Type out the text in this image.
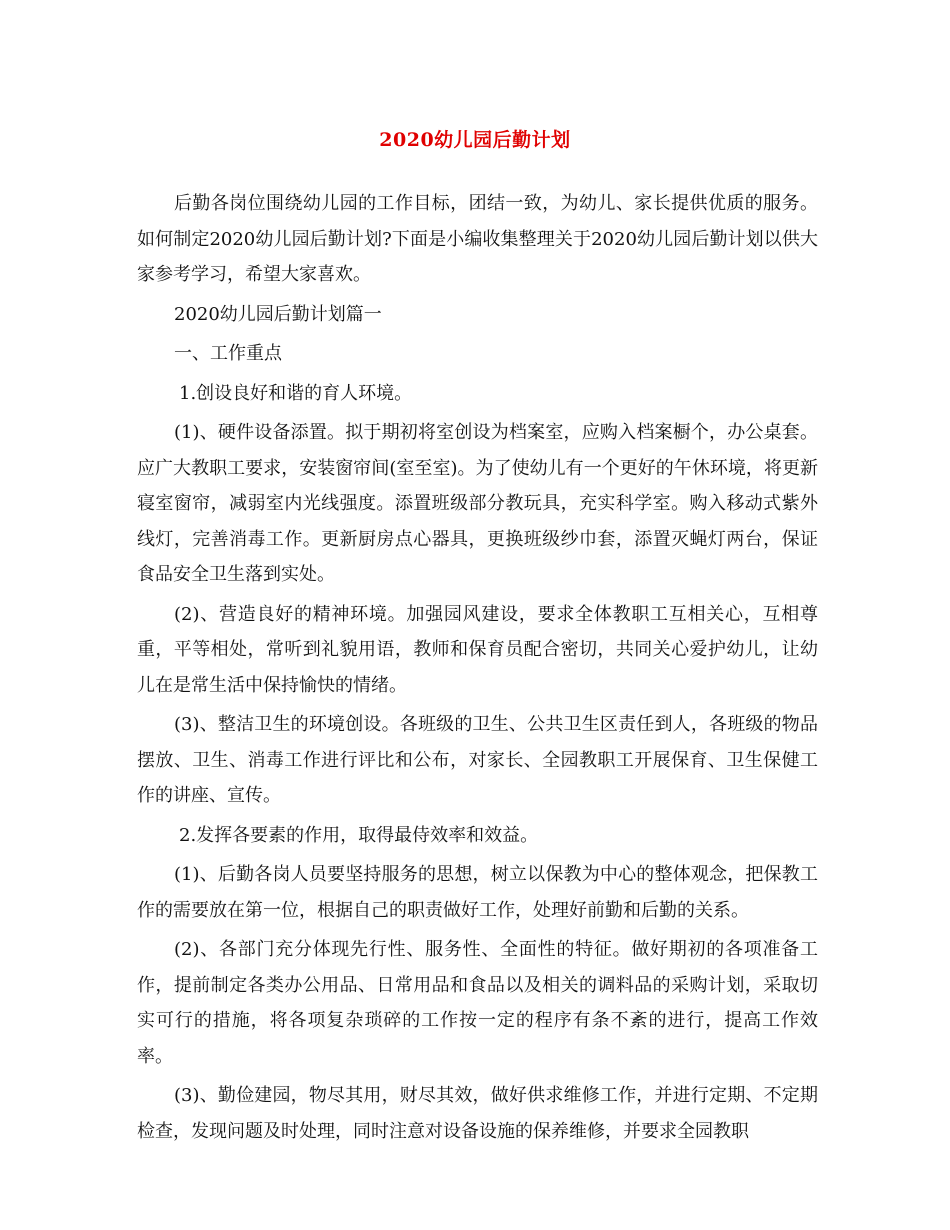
2020幼儿园后勤计划

后勤各岗位围绕幼儿园的工作目标，团结一致，为幼儿、家长提供优质的服务。如何制定2020幼儿园后勤计划?下面是小编收集整理关于2020幼儿园后勤计划以供大家参考学习，希望大家喜欢。

2020幼儿园后勤计划篇一

一、工作重点

1.创设良好和谐的育人环境。

(1)、硬件设备添置。拟于期初将室创设为档案室，应购入档案橱个，办公桌套。应广大教职工要求，安装窗帘间(室至室)。为了使幼儿有一个更好的午休环境，将更新寝室窗帘，减弱室内光线强度。添置班级部分教玩具，充实科学室。购入移动式紫外线灯，完善消毒工作。更新厨房点心器具，更换班级纱巾套，添置灭蝇灯两台，保证食品安全卫生落到实处。

(2)、营造良好的精神环境。加强园风建设，要求全体教职工互相关心，互相尊重，平等相处，常听到礼貌用语，教师和保育员配合密切，共同关心爱护幼儿，让幼儿在是常生活中保持愉快的情绪。

(3)、整洁卫生的环境创设。各班级的卫生、公共卫生区责任到人，各班级的物品摆放、卫生、消毒工作进行评比和公布，对家长、全园教职工开展保育、卫生保健工作的讲座、宣传。

2.发挥各要素的作用，取得最侍效率和效益。

(1)、后勤各岗人员要坚持服务的思想，树立以保教为中心的整体观念，把保教工作的需要放在第一位，根据自己的职责做好工作，处理好前勤和后勤的关系。

(2)、各部门充分体现先行性、服务性、全面性的特征。做好期初的各项准备工作，提前制定各类办公用品、日常用品和食品以及相关的调料品的采购计划，采取切实可行的措施，将各项复杂琐碎的工作按一定的程序有条不紊的进行，提高工作效率。

(3)、勤俭建园，物尽其用，财尽其效，做好供求维修工作，并进行定期、不定期检查，发现问题及时处理，同时注意对设备设施的保养维修，并要求全园教职
